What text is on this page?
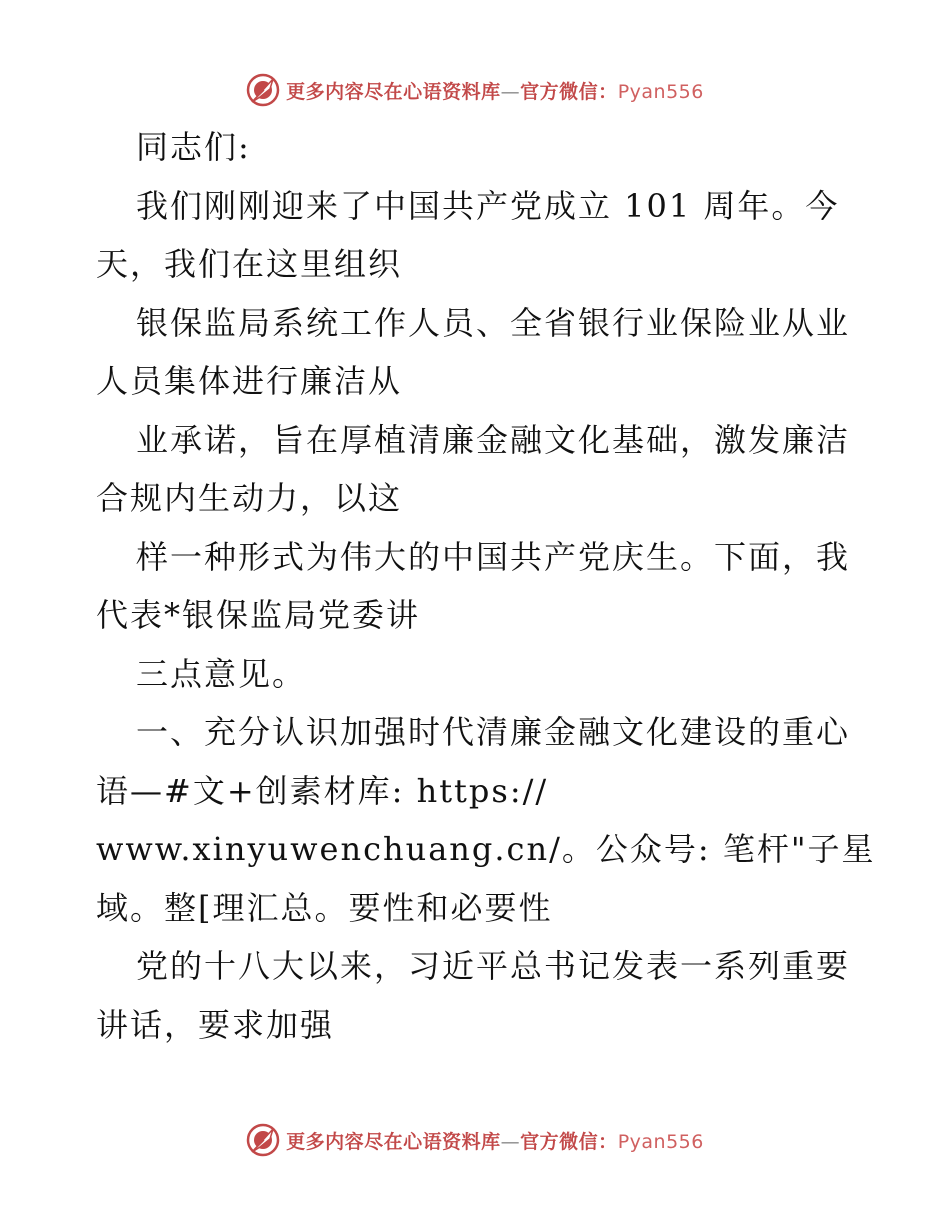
更多内容尽在心语资料库—官方微信：Pyan556
同志们:
我们刚刚迎来了中国共产党成立 101 周年。今
天，我们在这里组织
银保监局系统工作人员、全省银行业保险业从业
人员集体进行廉洁从
业承诺，旨在厚植清廉金融文化基础，激发廉洁
合规内生动力，以这
样一种形式为伟大的中国共产党庆生。下面，我
代表*银保监局党委讲
三点意见。
一、充分认识加强时代清廉金融文化建设的重心
语—#文+创素材库: https://
www.xinyuwenchuang.cn/。公众号: 笔杆"子星
域。整[理汇总。要性和必要性
党的十八大以来，习近平总书记发表一系列重要
讲话，要求加强
更多内容尽在心语资料库—官方微信：Pyan556
